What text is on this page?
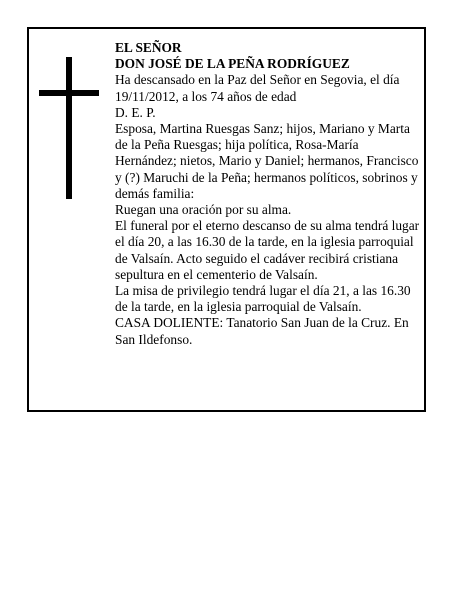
EL SEÑOR

DON JOSÉ DE LA PEÑA RODRÍGUEZ

Ha descansado en la Paz del Señor en Segovia, el día 19/11/2012, a los 74 años de edad

D. E. P.

Esposa, Martina Ruesgas Sanz; hijos, Mariano y Marta de la Peña Ruesgas; hija política, Rosa-María Hernández; nietos, Mario y Daniel; hermanos, Francisco y (?) Maruchi de la Peña; hermanos políticos, sobrinos y demás familia:

Ruegan una oración por su alma.

El funeral por el eterno descanso de su alma tendrá lugar el día 20, a las 16.30 de la tarde, en la iglesia parroquial de Valsaín. Acto seguido el cadáver recibirá cristiana sepultura en el cementerio de Valsaín.

La misa de privilegio tendrá lugar el día 21, a las 16.30 de la tarde, en la iglesia parroquial de Valsaín.

CASA DOLIENTE: Tanatorio San Juan de la Cruz. En San Ildefonso.
